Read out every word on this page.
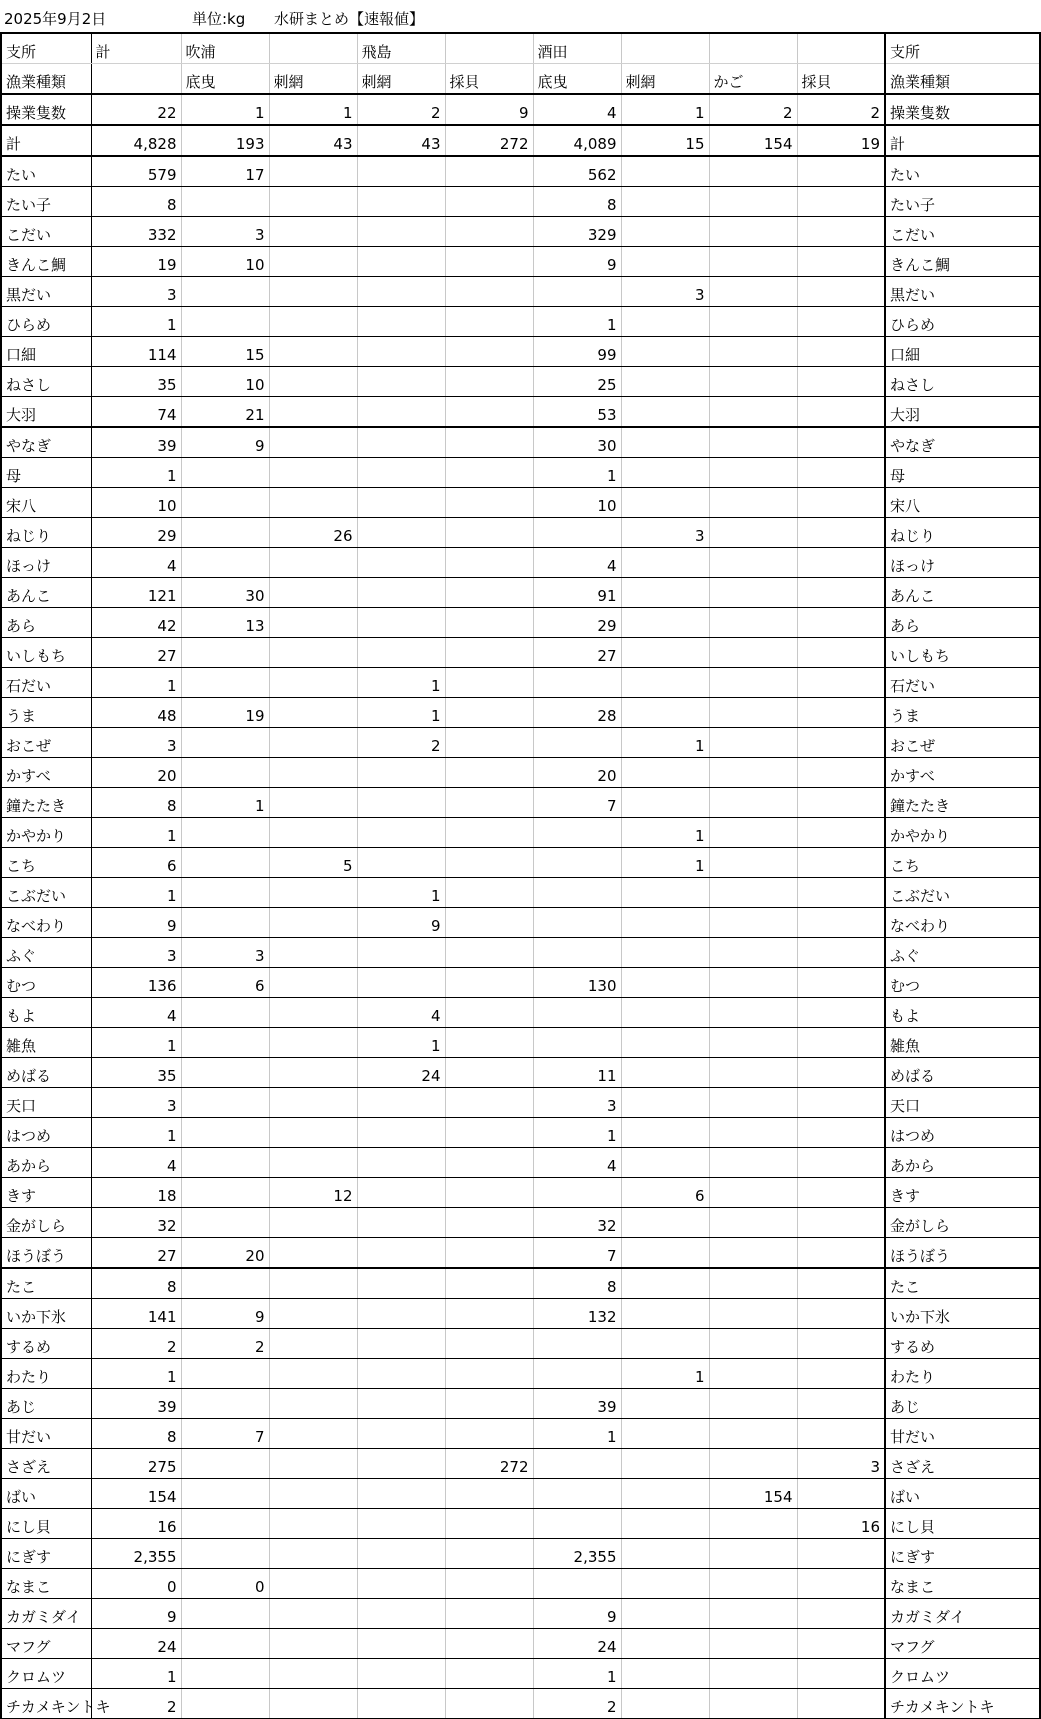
2025年9月2日	単位:kg 水研まとめ【速報値】
支所	計	吹浦		飛島		酒田				支所
漁業種類		底曳	刺網	刺網	採貝	底曳	刺網	かご	採貝	漁業種類
操業隻数	22	1	1	2	9	4	1	2	2	操業隻数
計	4,828	193	43	43	272	4,089	15	154	19	計
たい	579	17				562				たい
たい子	8					8				たい子
こだい	332	3				329				こだい
きんこ鯛	19	10				9				きんこ鯛
黒だい	3						3			黒だい
ひらめ	1					1				ひらめ
口細	114	15				99				口細
ねさし	35	10				25				ねさし
大羽	74	21				53				大羽
やなぎ	39	9				30				やなぎ
母	1					1				母
宋八	10					10				宋八
ねじり	29		26				3			ねじり
ほっけ	4					4				ほっけ
あんこ	121	30				91				あんこ
あら	42	13				29				あら
いしもち	27					27				いしもち
石だい	1			1						石だい
うま	48	19		1		28				うま
おこぜ	3			2			1			おこぜ
かすべ	20					20				かすべ
鐘たたき	8	1				7				鐘たたき
かやかり	1						1			かやかり
こち	6		5				1			こち
こぶだい	1			1						こぶだい
なべわり	9			9						なべわり
ふぐ	3	3								ふぐ
むつ	136	6				130				むつ
もよ	4			4						もよ
雑魚	1			1						雑魚
めばる	35			24		11				めばる
天口	3					3				天口
はつめ	1					1				はつめ
あから	4					4				あから
きす	18		12				6			きす
金がしら	32					32				金がしら
ほうぼう	27	20				7				ほうぼう
たこ	8					8				たこ
いか下氷	141	9				132				いか下氷
するめ	2	2								するめ
わたり	1						1			わたり
あじ	39					39				あじ
甘だい	8	7				1				甘だい
さざえ	275				272				3	さざえ
ばい	154							154		ばい
にし貝	16								16	にし貝
にぎす	2,355					2,355				にぎす
なまこ	0	0								なまこ
カガミダイ	9					9				カガミダイ
マフグ	24					24				マフグ
クロムツ	1					1				クロムツ
チカメキントキ	2					2				チカメキントキ
